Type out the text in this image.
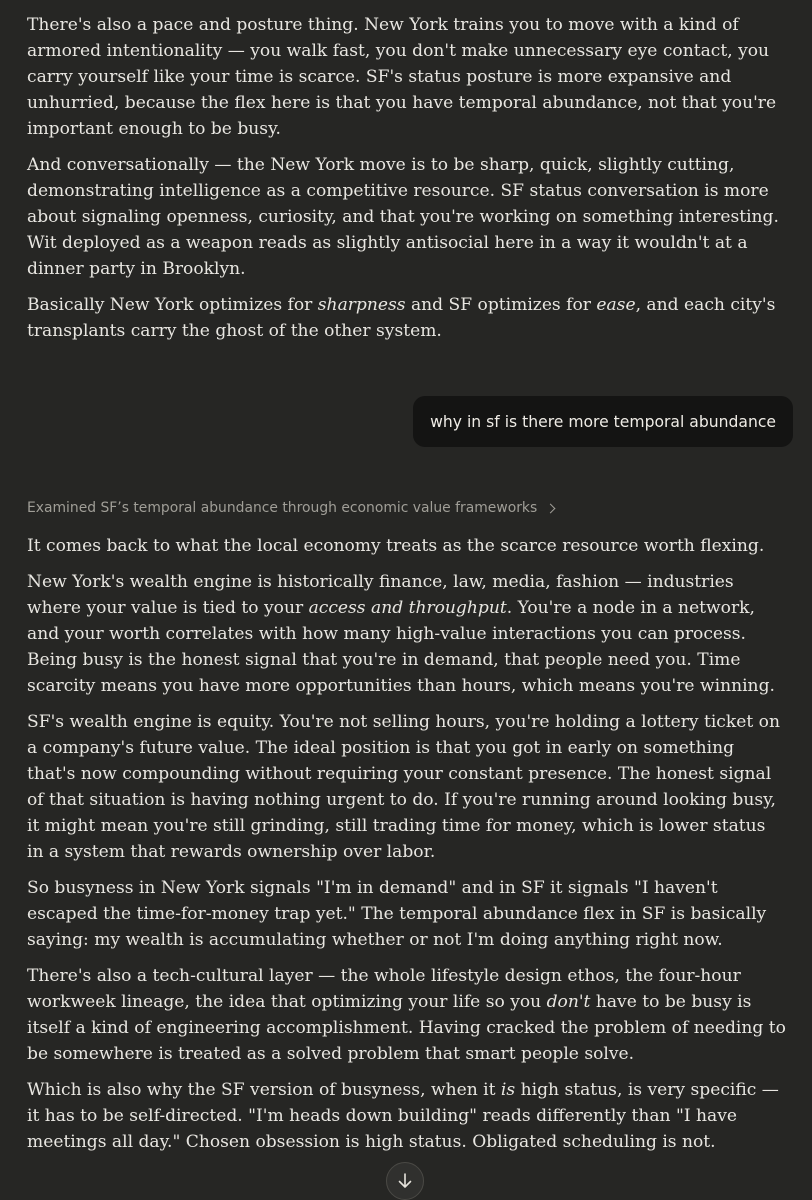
There's also a pace and posture thing. New York trains you to move with a kind of armored intentionality — you walk fast, you don't make unnecessary eye contact, you carry yourself like your time is scarce. SF's status posture is more expansive and unhurried, because the flex here is that you have temporal abundance, not that you're important enough to be busy.

And conversationally — the New York move is to be sharp, quick, slightly cutting, demonstrating intelligence as a competitive resource. SF status conversation is more about signaling openness, curiosity, and that you're working on something interesting. Wit deployed as a weapon reads as slightly antisocial here in a way it wouldn't at a dinner party in Brooklyn.

Basically New York optimizes for sharpness and SF optimizes for ease, and each city's transplants carry the ghost of the other system.

why in sf is there more temporal abundance
Examined SF’s temporal abundance through economic value frameworks

It comes back to what the local economy treats as the scarce resource worth flexing.

New York's wealth engine is historically finance, law, media, fashion — industries where your value is tied to your access and throughput. You're a node in a network, and your worth correlates with how many high-value interactions you can process. Being busy is the honest signal that you're in demand, that people need you. Time scarcity means you have more opportunities than hours, which means you're winning.

SF's wealth engine is equity. You're not selling hours, you're holding a lottery ticket on a company's future value. The ideal position is that you got in early on something that's now compounding without requiring your constant presence. The honest signal of that situation is having nothing urgent to do. If you're running around looking busy, it might mean you're still grinding, still trading time for money, which is lower status in a system that rewards ownership over labor.

So busyness in New York signals "I'm in demand" and in SF it signals "I haven't escaped the time-for-money trap yet." The temporal abundance flex in SF is basically saying: my wealth is accumulating whether or not I'm doing anything right now.

There's also a tech-cultural layer — the whole lifestyle design ethos, the four-hour workweek lineage, the idea that optimizing your life so you don't have to be busy is itself a kind of engineering accomplishment. Having cracked the problem of needing to be somewhere is treated as a solved problem that smart people solve.

Which is also why the SF version of busyness, when it is high status, is very specific — it has to be self-directed. "I'm heads down building" reads differently than "I have meetings all day." Chosen obsession is high status. Obligated scheduling is not.
